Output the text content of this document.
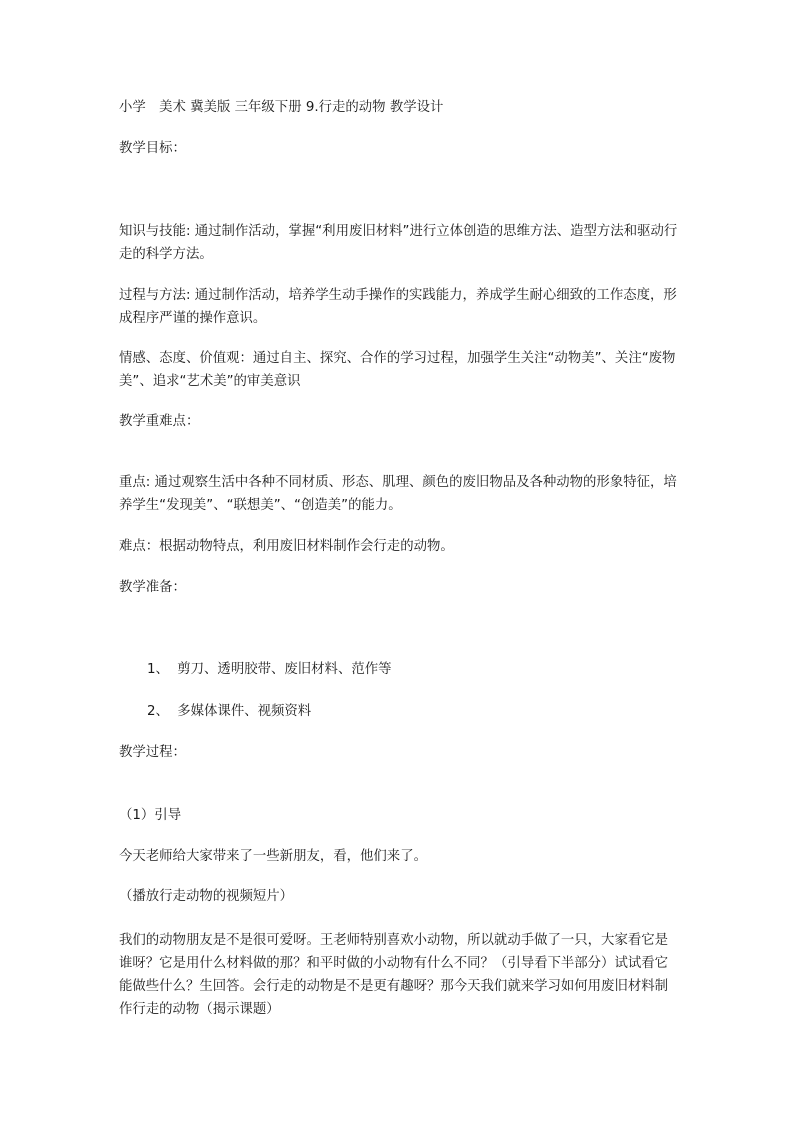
小学　美术 冀美版 三年级下册 9.行走的动物 教学设计

教学目标：

知识与技能: 通过制作活动，掌握“利用废旧材料”进行立体创造的思维方法、造型方法和驱动行走的科学方法。

过程与方法: 通过制作活动，培养学生动手操作的实践能力，养成学生耐心细致的工作态度，形成程序严谨的操作意识。

情感、态度、价值观：通过自主、探究、合作的学习过程，加强学生关注“动物美”、关注“废物美”、追求“艺术美”的审美意识

教学重难点：

重点: 通过观察生活中各种不同材质、形态、肌理、颜色的废旧物品及各种动物的形象特征，培养学生“发现美”、“联想美”、“创造美”的能力。

难点：根据动物特点，利用废旧材料制作会行走的动物。

教学准备：

1、 剪刀、透明胶带、废旧材料、范作等
2、 多媒体课件、视频资料

教学过程：

（1）引导

今天老师给大家带来了一些新朋友，看，他们来了。

（播放行走动物的视频短片）

我们的动物朋友是不是很可爱呀。王老师特别喜欢小动物，所以就动手做了一只，大家看它是谁呀？它是用什么材料做的那？和平时做的小动物有什么不同？（引导看下半部分）试试看它能做些什么？生回答。会行走的动物是不是更有趣呀？那今天我们就来学习如何用废旧材料制作行走的动物（揭示课题）
